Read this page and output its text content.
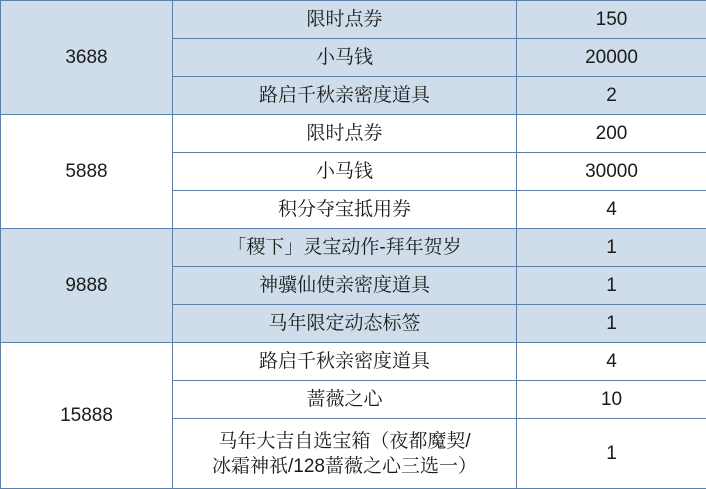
3688	限时点券	150
	小马钱	20000
	路启千秋亲密度道具	2
5888	限时点券	200
	小马钱	30000
	积分夺宝抵用券	4
9888	「稷下」灵宝动作-拜年贺岁	1
	神骥仙使亲密度道具	1
	马年限定动态标签	1
15888	路启千秋亲密度道具	4
	蔷薇之心	10

	马年大吉自选宝箱（夜都魔契/
冰霜神祇/128蔷薇之心三选一）	1
